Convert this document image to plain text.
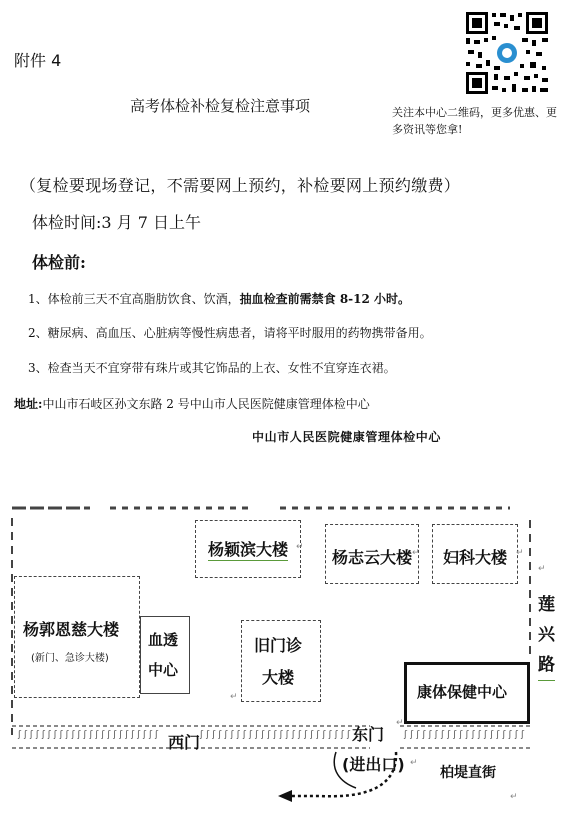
附件 4
关注本中心二维码，更多优惠、更多资讯等您拿!
高考体检补检复检注意事项
（复检要现场登记，不需要网上预约，补检要网上预约缴费）
体检时间:3 月 7 日上午
体检前:
1、体检前三天不宜高脂肪饮食、饮酒，抽血检查前需禁食 8-12 小时。
2、糖尿病、高血压、心脏病等慢性病患者，请将平时服用的药物携带备用。
3、检查当天不宜穿带有珠片或其它饰品的上衣、女性不宜穿连衣裙。
地址:中山市石岐区孙文东路 2 号中山市人民医院健康管理体检中心
中山市人民医院健康管理体检中心
ʃʃʃʃʃʃʃʃʃʃʃʃʃʃʃʃʃʃʃʃʃʃʃʃ	ʃʃʃʃʃʃʃʃʃʃʃʃʃʃʃʃʃʃʃʃʃʃʃʃʃ	ʃʃʃʃʃʃʃʃʃʃʃʃʃʃʃʃʃʃʃʃ
杨颖滨大楼	杨志云大楼 妇科大楼
杨郭恩慈大楼
(新门、急诊大楼)
血透
中心
旧门诊
大楼
康体保健中心
西门	东门
(进出口)
莲
兴
路
柏堤直街
↵
↵	↵
↵
↵
↵
↵
↵
